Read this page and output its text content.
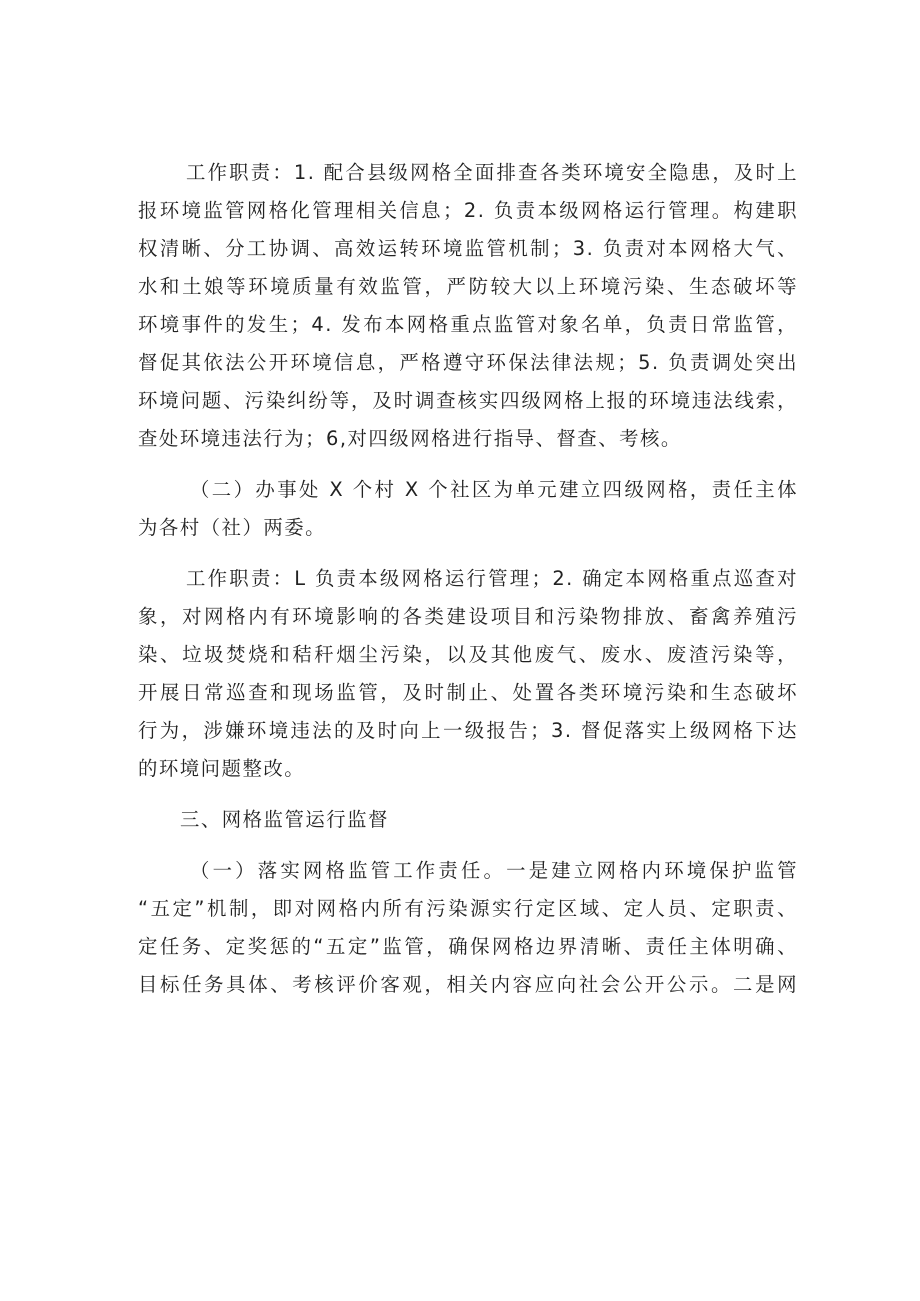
工作职责：1. 配合县级网格全面排查各类环境安全隐患，及时上
报环境监管网格化管理相关信息；2. 负责本级网格运行管理。构建职
权清晰、分工协调、高效运转环境监管机制；3. 负责对本网格大气、
水和土娘等环境质量有效监管，严防较大以上环境污染、生态破坏等
环境事件的发生；4. 发布本网格重点监管对象名单，负责日常监管，
督促其依法公开环境信息，严格遵守环保法律法规；5. 负责调处突出
环境问题、污染纠纷等，及时调查核实四级网格上报的环境违法线索，
查处环境违法行为；6,对四级网格进行指导、督查、考核。
（二）办事处 X 个村 X 个社区为单元建立四级网格，责任主体
为各村（社）两委。
工作职责：L 负责本级网格运行管理；2. 确定本网格重点巡查对
象，对网格内有环境影响的各类建设项目和污染物排放、畜禽养殖污
染、垃圾焚烧和秸秆烟尘污染，以及其他废气、废水、废渣污染等，
开展日常巡查和现场监管，及时制止、处置各类环境污染和生态破坏
行为，涉嫌环境违法的及时向上一级报告；3. 督促落实上级网格下达
的环境问题整改。
三、网格监管运行监督
（一）落实网格监管工作责任。一是建立网格内环境保护监管
“五定”机制，即对网格内所有污染源实行定区域、定人员、定职责、
定任务、定奖惩的“五定”监管，确保网格边界清晰、责任主体明确、
目标任务具体、考核评价客观，相关内容应向社会公开公示。二是网
